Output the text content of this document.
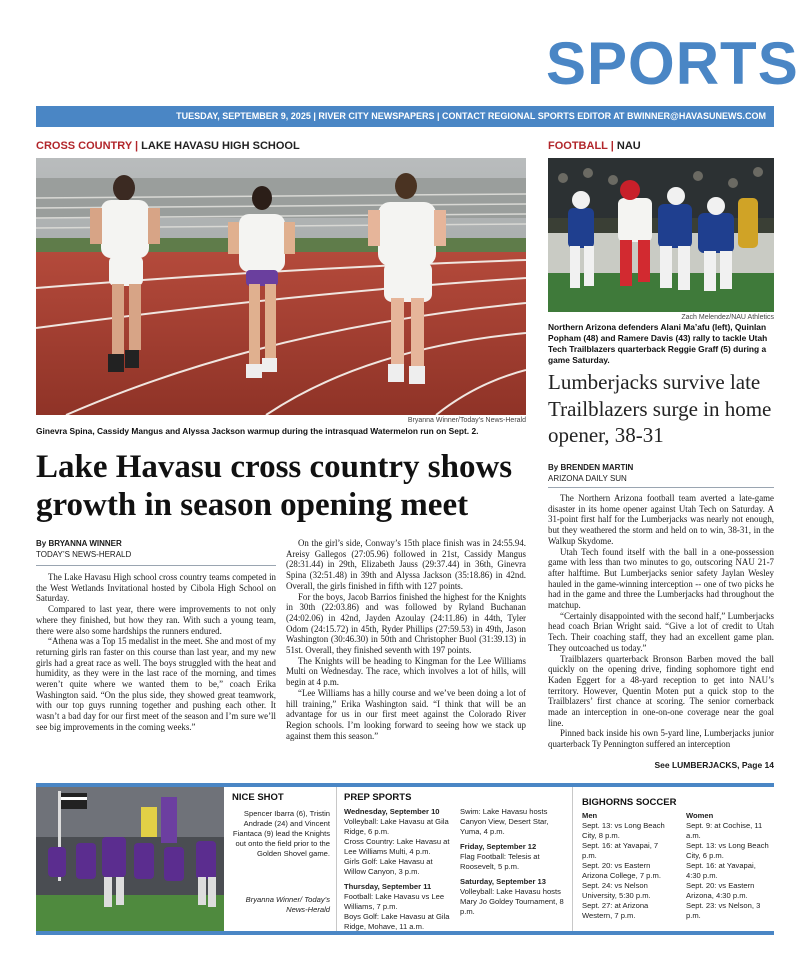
SPORTS
TUESDAY, SEPTEMBER 9, 2025 | RIVER CITY NEWSPAPERS | CONTACT REGIONAL SPORTS EDITOR AT BWINNER@HAVASUNEWS.COM
CROSS COUNTRY | LAKE HAVASU HIGH SCHOOL
Bryanna Winner/Today’s News-Herald
Ginevra Spina, Cassidy Mangus and Alyssa Jackson warmup during the intrasquad Watermelon run on Sept. 2.
Lake Havasu cross country shows growth in season opening meet
By BRYANNA WINNER
TODAY’S NEWS-HERALD

The Lake Havasu High school cross country teams competed in the West Wetlands Invitational hosted by Cibola High School on Saturday.

Compared to last year, there were improvements to not only where they finished, but how they ran. With such a young team, there were also some hardships the runners endured.

“Athena was a Top 15 medalist in the meet. She and most of my returning girls ran faster on this course than last year, and my new girls had a great race as well. The boys struggled with the heat and humidity, as they were in the last race of the morning, and times weren’t quite where we wanted them to be,” coach Erika Washington said. “On the plus side, they showed great teamwork, with our top guys running together and pushing each other. It wasn’t a bad day for our first meet of the season and I’m sure we’ll see big improvements in the coming weeks.”

On the girl’s side, Conway’s 15th place finish was in 24:55.94. Areisy Gallegos (27:05.96) followed in 21st, Cassidy Mangus (28:31.44) in 29th, Elizabeth Jauss (29:37.44) in 36th, Ginevra Spina (32:51.48) in 39th and Alyssa Jackson (35:18.86) in 42nd. Overall, the girls finished in fifth with 127 points.

For the boys, Jacob Barrios finished the highest for the Knights in 30th (22:03.86) and was followed by Ryland Buchanan (24:02.06) in 42nd, Jayden Azoulay (24:11.86) in 44th, Tyler Odom (24:15.72) in 45th, Ryder Phillips (27:59.53) in 49th, Jason Washington (30:46.30) in 50th and Christopher Buol (31:39.13) in 51st. Overall, they finished seventh with 197 points.

The Knights will be heading to Kingman for the Lee Williams Multi on Wednesday. The race, which involves a lot of hills, will begin at 4 p.m.

“Lee Williams has a hilly course and we’ve been doing a lot of hill training,” Erika Washington said. “I think that will be an advantage for us in our first meet against the Colorado River Region schools. I’m looking forward to seeing how we stack up against them this season.”

FOOTBALL | NAU
Zach Melendez/NAU Athletics
Northern Arizona defenders Alani Ma’afu (left), Quinlan Popham (48) and Ramere Davis (43) rally to tackle Utah Tech Trailblazers quarterback Reggie Graff (5) during a game Saturday.
Lumberjacks survive late Trailblazers surge in home opener, 38-31
By BRENDEN MARTIN
ARIZONA DAILY SUN

The Northern Arizona football team averted a late-game disaster in its home opener against Utah Tech on Saturday. A 31-point first half for the Lumberjacks was nearly not enough, but they weathered the storm and held on to win, 38-31, in the Walkup Skydome.

Utah Tech found itself with the ball in a one-possession game with less than two minutes to go, outscoring NAU 21-7 after halftime. But Lumberjacks senior safety Jaylan Wesley hauled in the game-winning interception -- one of two picks he had in the game and three the Lumberjacks had throughout the matchup.

“Certainly disappointed with the second half,” Lumberjacks head coach Brian Wright said. “Give a lot of credit to Utah Tech. Their coaching staff, they had an excellent game plan. They outcoached us today.”

Trailblazers quarterback Bronson Barben moved the ball quickly on the opening drive, finding sophomore tight end Kaden Eggert for a 48-yard reception to get into NAU’s territory. However, Quentin Moten put a quick stop to the Trailblazers’ first chance at scoring. The senior cornerback made an interception in one-on-one coverage near the goal line.

Pinned back inside his own 5-yard line, Lumberjacks junior quarterback Ty Pennington suffered an interception

See LUMBERJACKS, Page 14
NICE SHOT
Spencer Ibarra (6), Tristin Andrade (24) and Vincent Fiantaca (9) lead the Knights out onto the field prior to the Golden Shovel game.
Bryanna Winner/ Today’s News-Herald
PREP SPORTS
Wednesday, September 10
Volleyball: Lake Havasu at Gila Ridge, 6 p.m.
Cross Country: Lake Havasu at Lee Williams Multi, 4 p.m.
Girls Golf: Lake Havasu at Willow Canyon, 3 p.m.

Thursday, September 11
Football: Lake Havasu vs Lee Williams, 7 p.m.
Boys Golf: Lake Havasu at Gila Ridge, Mohave, 11 a.m.
Swim: Lake Havasu hosts Canyon View, Desert Star, Yuma, 4 p.m.

Friday, September 12
Flag Football: Telesis at Roosevelt, 5 p.m.

Saturday, September 13
Volleyball: Lake Havasu hosts Mary Jo Goldey Tournament, 8 p.m.
BIGHORNS SOCCER
Men
Sept. 13: vs Long Beach City, 8 p.m.
Sept. 16: at Yavapai, 7 p.m.
Sept. 20: vs Eastern Arizona College, 7 p.m.
Sept. 24: vs Nelson University, 5:30 p.m.
Sept. 27: at Arizona Western, 7 p.m.
Women
Sept. 9: at Cochise, 11 a.m.
Sept. 13: vs Long Beach City, 6 p.m.
Sept. 16: at Yavapai, 4:30 p.m.
Sept. 20: vs Eastern Arizona, 4:30 p.m.
Sept. 23: vs Nelson, 3 p.m.
